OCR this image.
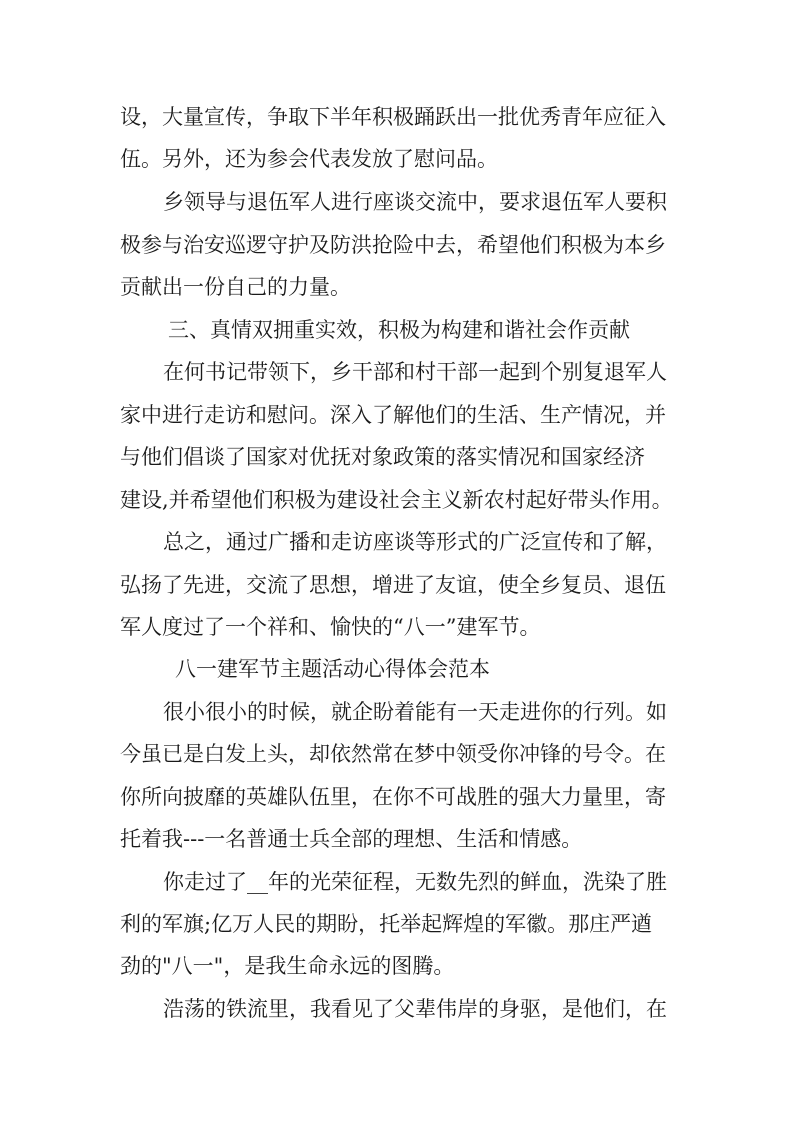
设，大量宣传，争取下半年积极踊跃出一批优秀青年应征入
伍。另外，还为参会代表发放了慰问品。
乡领导与退伍军人进行座谈交流中，要求退伍军人要积
极参与治安巡逻守护及防洪抢险中去，希望他们积极为本乡
贡献出一份自己的力量。
三、真情双拥重实效，积极为构建和谐社会作贡献
在何书记带领下，乡干部和村干部一起到个别复退军人
家中进行走访和慰问。深入了解他们的生活、生产情况，并
与他们倡谈了国家对优抚对象政策的落实情况和国家经济
建设,并希望他们积极为建设社会主义新农村起好带头作用。
总之，通过广播和走访座谈等形式的广泛宣传和了解，
弘扬了先进，交流了思想，增进了友谊，使全乡复员、退伍
军人度过了一个祥和、愉快的“八一”建军节。
八一建军节主题活动心得体会范本
很小很小的时候，就企盼着能有一天走进你的行列。如
今虽已是白发上头，却依然常在梦中领受你冲锋的号令。在
你所向披靡的英雄队伍里，在你不可战胜的强大力量里，寄
托着我---一名普通士兵全部的理想、生活和情感。
你走过了__年的光荣征程，无数先烈的鲜血，洗染了胜
利的军旗;亿万人民的期盼，托举起辉煌的军徽。那庄严遒
劲的"八一"，是我生命永远的图腾。
浩荡的铁流里，我看见了父辈伟岸的身驱，是他们，在
